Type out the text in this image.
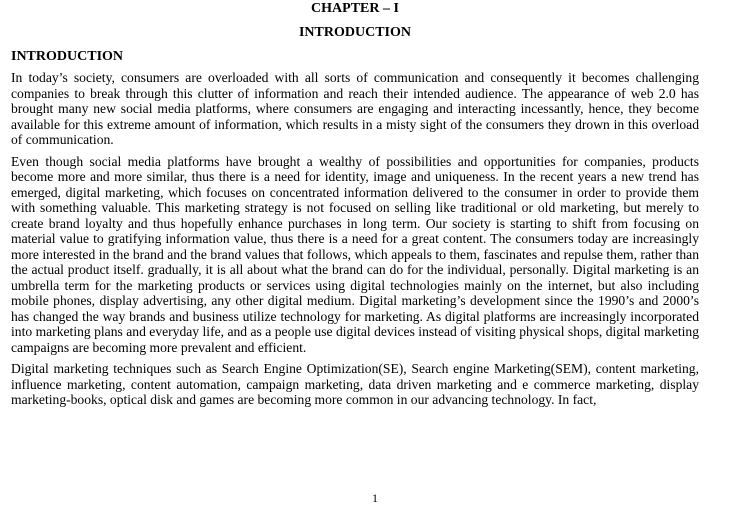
CHAPTER – I
INTRODUCTION
INTRODUCTION

In today’s society, consumers are overloaded with all sorts of communication and consequently it becomes challenging companies to break through this clutter of information and reach their intended audience. The appearance of web 2.0 has brought many new social media platforms, where consumers are engaging and interacting incessantly, hence, they become available for this extreme amount of information, which results in a misty sight of the consumers they drown in this overload of communication.

Even though social media platforms have brought a wealthy of possibilities and opportunities for companies, products become more and more similar, thus there is a need for identity, image and uniqueness. In the recent years a new trend has emerged, digital marketing, which focuses on concentrated information delivered to the consumer in order to provide them with something valuable. This marketing strategy is not focused on selling like traditional or old marketing, but merely to create brand loyalty and thus hopefully enhance purchases in long term. Our society is starting to shift from focusing on material value to gratifying information value, thus there is a need for a great content. The consumers today are increasingly more interested in the brand and the brand values that follows, which appeals to them, fascinates and repulse them, rather than the actual product itself. gradually, it is all about what the brand can do for the individual, personally. Digital marketing is an umbrella term for the marketing products or services using digital technologies mainly on the internet, but also including mobile phones, display advertising, any other digital medium. Digital marketing’s development since the 1990’s and 2000’s has changed the way brands and business utilize technology for marketing. As digital platforms are increasingly incorporated into marketing plans and everyday life, and as a people use digital devices instead of visiting physical shops, digital marketing campaigns are becoming more prevalent and efficient.

Digital marketing techniques such as Search Engine Optimization(SE), Search engine Marketing(SEM), content marketing, influence marketing, content automation, campaign marketing, data driven marketing and e commerce marketing, display marketing-books, optical disk and games are becoming more common in our advancing technology. In fact,

1
